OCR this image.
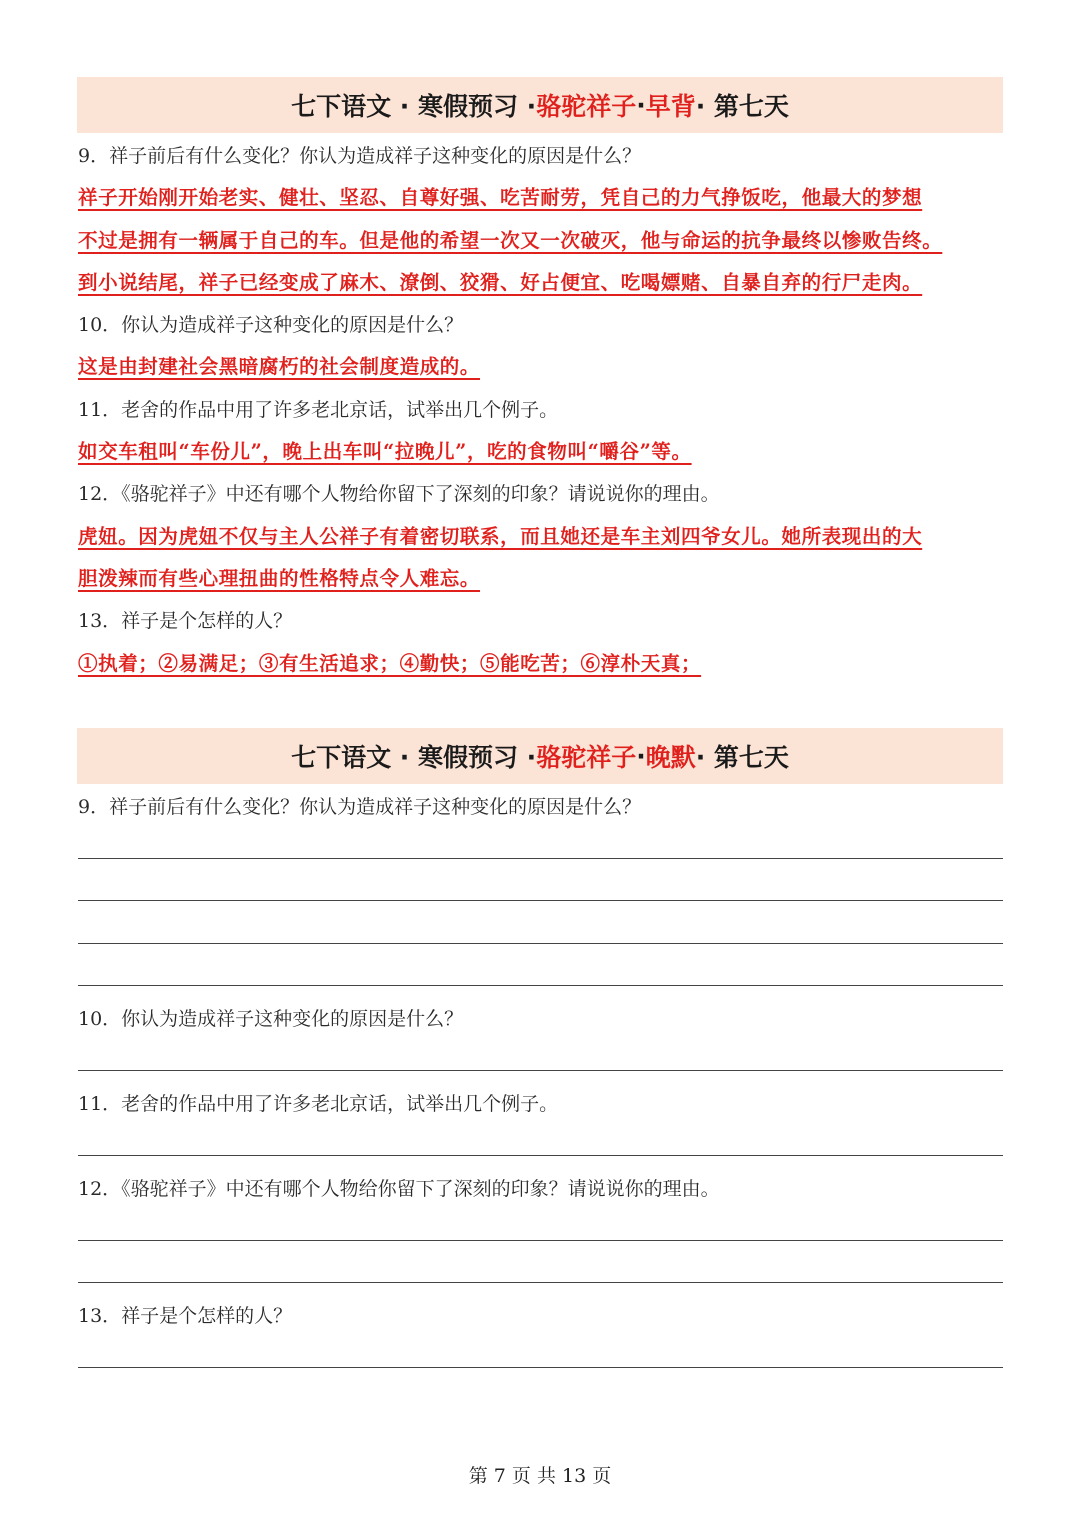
七下语文 · 寒假预习 · 骆驼祥子 · 早背 · 第七天
9．祥子前后有什么变化？你认为造成祥子这种变化的原因是什么？
祥子开始刚开始老实、健壮、坚忍、自尊好强、吃苦耐劳，凭自己的力气挣饭吃，他最大的梦想
不过是拥有一辆属于自己的车。但是他的希望一次又一次破灭，他与命运的抗争最终以惨败告终。
到小说结尾，祥子已经变成了麻木、潦倒、狡猾、好占便宜、吃喝嫖赌、自暴自弃的行尸走肉。
10．你认为造成祥子这种变化的原因是什么？
这是由封建社会黑暗腐朽的社会制度造成的。
11．老舍的作品中用了许多老北京话，试举出几个例子。
如交车租叫“车份儿”，晚上出车叫“拉晚儿”，吃的食物叫“嚼谷”等。
12．《骆驼祥子》中还有哪个人物给你留下了深刻的印象？请说说你的理由。
虎妞。因为虎妞不仅与主人公祥子有着密切联系，而且她还是车主刘四爷女儿。她所表现出的大
胆泼辣而有些心理扭曲的性格特点令人难忘。
13．祥子是个怎样的人？
①执着；②易满足；③有生活追求；④勤快；⑤能吃苦；⑥淳朴天真；
七下语文 · 寒假预习 · 骆驼祥子 · 晚默 · 第七天
9．祥子前后有什么变化？你认为造成祥子这种变化的原因是什么？
10．你认为造成祥子这种变化的原因是什么？
11．老舍的作品中用了许多老北京话，试举出几个例子。
12．《骆驼祥子》中还有哪个人物给你留下了深刻的印象？请说说你的理由。
13．祥子是个怎样的人？
第 7 页 共 13 页
